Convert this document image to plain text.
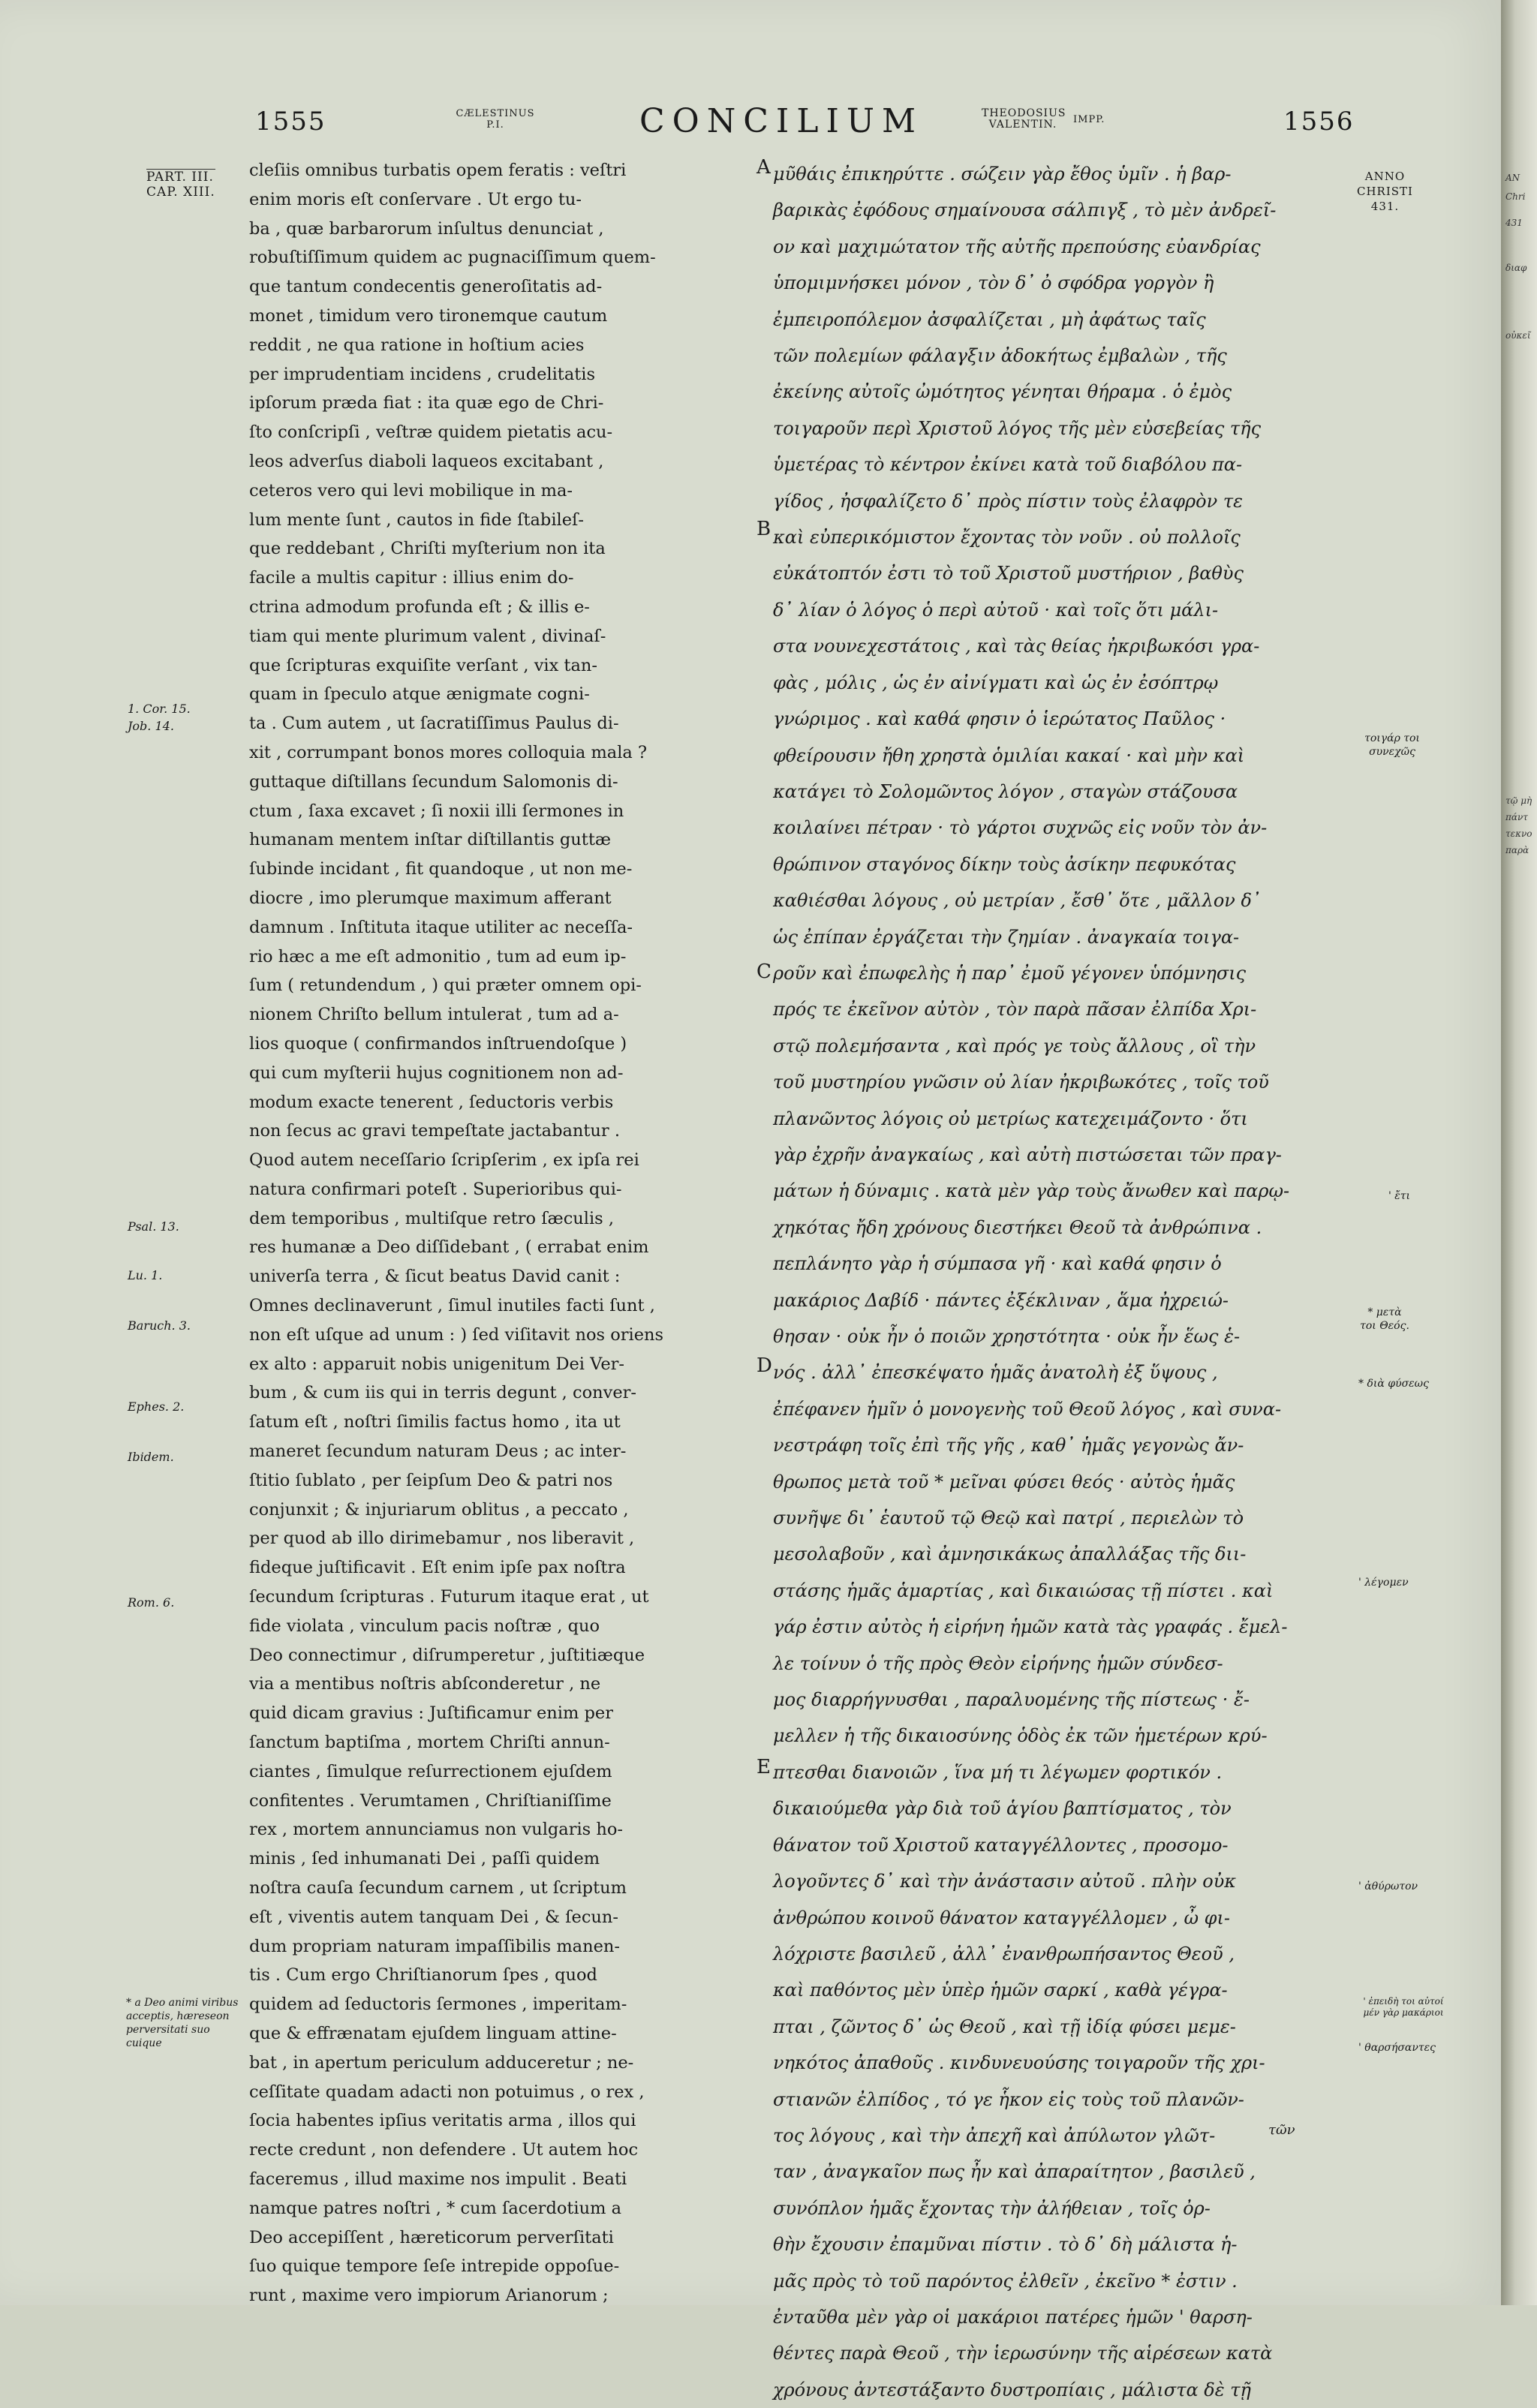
1555	CÆLESTINUS
P.I.	CONCILIUM	THEODOSIUS
VALENTIN.	IMPP.	1556
PART. III.
CAP. XIII.
1. Cor. 15.
Job. 14.
Psal. 13.
Lu. 1.
Baruch. 3.
Ephes. 2.
Ibidem.
Rom. 6.
* a Deo animi viribus acceptis, hæreseon perversitati suo cuique
ANNO
CHRISTI
431.
τοιγάρ τοι συνεχῶς
' ἔτι
* μετὰ τοι Θεός.
* διὰ φύσεως
' λέγομεν
' ἀθύρωτον
' ἐπειδὴ τοι αὐτοί μέν γὰρ μακάριοι
' θαρσήσαντες
A
B
C
D
E
cleſiis omnibus turbatis opem feratis : veſtri
enim moris eſt conſervare . Ut ergo tu-
ba , quæ barbarorum inſultus denunciat ,
robuſtiſſimum quidem ac pugnaciſſimum quem-
que tantum condecentis generoſitatis ad-
monet , timidum vero tironemque cautum
reddit , ne qua ratione in hoſtium acies
per imprudentiam incidens , crudelitatis
ipſorum præda fiat : ita quæ ego de Chri-
ſto conſcripſi , veſtræ quidem pietatis acu-
leos adverſus diaboli laqueos excitabant ,
ceteros vero qui levi mobilique in ma-
lum mente ſunt , cautos in fide ſtabileſ-
que reddebant , Chriſti myſterium non ita
facile a multis capitur : illius enim do-
ctrina admodum profunda eſt ; & illis e-
tiam qui mente plurimum valent , divinaſ-
que ſcripturas exquiſite verſant , vix tan-
quam in ſpeculo atque ænigmate cogni-
ta . Cum autem , ut ſacratiſſimus Paulus di-
xit , corrumpant bonos mores colloquia mala ?
guttaque diſtillans ſecundum Salomonis di-
ctum , ſaxa excavet ; ſi noxii illi ſermones in
humanam mentem inſtar diſtillantis guttæ
ſubinde incidant , fit quandoque , ut non me-
diocre , imo plerumque maximum afferant
damnum . Inſtituta itaque utiliter ac neceſſa-
rio hæc a me eſt admonitio , tum ad eum ip-
ſum ( retundendum , ) qui præter omnem opi-
nionem Chriſto bellum intulerat , tum ad a-
lios quoque ( confirmandos inſtruendoſque )
qui cum myſterii hujus cognitionem non ad-
modum exacte tenerent , ſeductoris verbis
non ſecus ac gravi tempeſtate jactabantur .
Quod autem neceſſario ſcripſerim , ex ipſa rei
natura confirmari poteſt . Superioribus qui-
dem temporibus , multiſque retro ſæculis ,
res humanæ a Deo diſſidebant , ( errabat enim
univerſa terra , & ſicut beatus David canit :
Omnes declinaverunt , ſimul inutiles facti ſunt ,
non eſt uſque ad unum : ) ſed viſitavit nos oriens
ex alto : apparuit nobis unigenitum Dei Ver-
bum , & cum iis qui in terris degunt , conver-
ſatum eſt , noſtri ſimilis factus homo , ita ut
maneret ſecundum naturam Deus ; ac inter-
ſtitio ſublato , per ſeipſum Deo & patri nos
conjunxit ; & injuriarum oblitus , a peccato ,
per quod ab illo dirimebamur , nos liberavit ,
fideque juſtificavit . Eſt enim ipſe pax noſtra
ſecundum ſcripturas . Futurum itaque erat , ut
fide violata , vinculum pacis noſtræ , quo
Deo connectimur , diſrumperetur , juſtitiæque
via a mentibus noſtris abſconderetur , ne
quid dicam gravius : Juſtificamur enim per
ſanctum baptiſma , mortem Chriſti annun-
ciantes , ſimulque reſurrectionem ejuſdem
confitentes . Verumtamen , Chriſtianiſſime
rex , mortem annunciamus non vulgaris ho-
minis , ſed inhumanati Dei , paſſi quidem
noſtra cauſa ſecundum carnem , ut ſcriptum
eſt , viventis autem tanquam Dei , & ſecun-
dum propriam naturam impaſſibilis manen-
tis . Cum ergo Chriſtianorum ſpes , quod
quidem ad ſeductoris ſermones , imperitam-
que & effrænatam ejuſdem linguam attine-
bat , in apertum periculum adduceretur ; ne-
ceſſitate quadam adacti non potuimus , o rex ,
ſocia habentes ipſius veritatis arma , illos qui
recte credunt , non defendere . Ut autem hoc
faceremus , illud maxime nos impulit . Beati
namque patres noſtri , * cum ſacerdotium a
Deo accepiſſent , hæreticorum perverſitati
ſuo quique tempore ſeſe intrepide oppoſue-
runt , maxime vero impiorum Arianorum ;
μῦθάις ἐπικηρύττε . σώζειν γὰρ ἔθος ὑμῖν . ἡ βαρ-
βαρικὰς ἐφόδους σημαίνουσα σάλπιγξ , τὸ μὲν ἀνδρεῖ-
ον καὶ μαχιμώτατον τῆς αὐτῆς πρεπούσης εὐανδρίας
ὑπομιμνήσκει μόνον , τὸν δ᾽ ὀ σφόδρα γοργὸν ἢ
ἐμπειροπόλεμον ἀσφαλίζεται , μὴ ἀφάτως ταῖς
τῶν πολεμίων φάλαγξιν ἀδοκήτως ἐμβαλὼν , τῆς
ἐκείνης αὐτοῖς ὠμότητος γένηται θήραμα . ὁ ἐμὸς
τοιγαροῦν περὶ Χριστοῦ λόγος τῆς μὲν εὐσεβείας τῆς
ὑμετέρας τὸ κέντρον ἐκίνει κατὰ τοῦ διαβόλου πα-
γίδος , ἠσφαλίζετο δ᾽ πρὸς πίστιν τοὺς ἐλαφρὸν τε
καὶ εὐπερικόμιστον ἔχοντας τὸν νοῦν . οὐ πολλοῖς
εὐκάτοπτόν ἐστι τὸ τοῦ Χριστοῦ μυστήριον , βαθὺς
δ᾽ λίαν ὁ λόγος ὁ περὶ αὐτοῦ · καὶ τοῖς ὅτι μάλι-
στα νουνεχεστάτοις , καὶ τὰς θείας ἠκριβωκόσι γρα-
φὰς , μόλις , ὡς ἐν αἰνίγματι καὶ ὡς ἐν ἐσόπτρῳ
γνώριμος . καὶ καθά φησιν ὁ ἱερώτατος Παῦλος ·
φθείρουσιν ἤθη χρηστὰ ὁμιλίαι κακαί · καὶ μὴν καὶ
κατάγει τὸ Σολομῶντος λόγον , σταγὼν στάζουσα
κοιλαίνει πέτραν · τὸ γάρτοι συχνῶς εἰς νοῦν τὸν ἀν-
θρώπινον σταγόνος δίκην τοὺς ἀσίκην πεφυκότας
καθιέσθαι λόγους , οὐ μετρίαν , ἔσθ᾽ ὅτε , μᾶλλον δ᾽
ὡς ἐπίπαν ἐργάζεται τὴν ζημίαν . ἀναγκαία τοιγα-
ροῦν καὶ ἐπωφελὴς ἡ παρ᾽ ἐμοῦ γέγονεν ὑπόμνησις
πρός τε ἐκεῖνον αὐτὸν , τὸν παρὰ πᾶσαν ἐλπίδα Χρι-
στῷ πολεμήσαντα , καὶ πρός γε τοὺς ἄλλους , οἳ τὴν
τοῦ μυστηρίου γνῶσιν οὐ λίαν ἠκριβωκότες , τοῖς τοῦ
πλανῶντος λόγοις οὐ μετρίως κατεχειμάζοντο · ὅτι
γὰρ ἐχρῆν ἀναγκαίως , καὶ αὐτὴ πιστώσεται τῶν πραγ-
μάτων ἡ δύναμις . κατὰ μὲν γὰρ τοὺς ἄνωθεν καὶ παρῳ-
χηκότας ἤδη χρόνους διεστήκει Θεοῦ τὰ ἀνθρώπινα .
πεπλάνητο γὰρ ἡ σύμπασα γῆ · καὶ καθά φησιν ὁ
μακάριος Δαβίδ · πάντες ἐξέκλιναν , ἅμα ἠχρειώ-
θησαν · οὐκ ἦν ὁ ποιῶν χρηστότητα · οὐκ ἦν ἕως ἑ-
νός . ἀλλ᾽ ἐπεσκέψατο ἡμᾶς ἀνατολὴ ἐξ ὕψους ,
ἐπέφανεν ἡμῖν ὁ μονογενὴς τοῦ Θεοῦ λόγος , καὶ συνα-
νεστράφη τοῖς ἐπὶ τῆς γῆς , καθ᾽ ἡμᾶς γεγονὼς ἄν-
θρωπος μετὰ τοῦ * μεῖναι φύσει θεός · αὐτὸς ἡμᾶς
συνῆψε δι᾽ ἑαυτοῦ τῷ Θεῷ καὶ πατρί , περιελὼν τὸ
μεσολαβοῦν , καὶ ἀμνησικάκως ἀπαλλάξας τῆς διι-
στάσης ἡμᾶς ἁμαρτίας , καὶ δικαιώσας τῇ πίστει . καὶ
γάρ ἐστιν αὐτὸς ἡ εἰρήνη ἡμῶν κατὰ τὰς γραφάς . ἔμελ-
λε τοίνυν ὁ τῆς πρὸς Θεὸν εἰρήνης ἡμῶν σύνδεσ-
μος διαρρήγνυσθαι , παραλυομένης τῆς πίστεως · ἔ-
μελλεν ἡ τῆς δικαιοσύνης ὁδὸς ἐκ τῶν ἡμετέρων κρύ-
πτεσθαι διανοιῶν , ἵνα μή τι λέγωμεν φορτικόν .
δικαιούμεθα γὰρ διὰ τοῦ ἁγίου βαπτίσματος , τὸν
θάνατον τοῦ Χριστοῦ καταγγέλλοντες , προσομο-
λογοῦντες δ᾽ καὶ τὴν ἀνάστασιν αὐτοῦ . πλὴν οὐκ
ἀνθρώπου κοινοῦ θάνατον καταγγέλλομεν , ὦ φι-
λόχριστε βασιλεῦ , ἀλλ᾽ ἐνανθρωπήσαντος Θεοῦ ,
καὶ παθόντος μὲν ὑπὲρ ἡμῶν σαρκί , καθὰ γέγρα-
πται , ζῶντος δ᾽ ὡς Θεοῦ , καὶ τῇ ἰδίᾳ φύσει μεμε-
νηκότος ἀπαθοῦς . κινδυνευούσης τοιγαροῦν τῆς χρι-
στιανῶν ἐλπίδος , τό γε ἧκον εἰς τοὺς τοῦ πλανῶν-
τος λόγους , καὶ τὴν ἀπεχῆ καὶ ἀπύλωτον γλῶτ-
ταν , ἀναγκαῖον πως ἦν καὶ ἀπαραίτητον , βασιλεῦ ,
συνόπλον ἡμᾶς ἔχοντας τὴν ἀλήθειαν , τοῖς ὀρ-
θὴν ἔχουσιν ἐπαμῦναι πίστιν . τὸ δ᾽ δὴ μάλιστα ἡ-
μᾶς πρὸς τὸ τοῦ παρόντος ἐλθεῖν , ἐκεῖνο * ἐστιν .
ἐνταῦθα μὲν γὰρ οἱ μακάριοι πατέρες ἡμῶν ' θαρση-
θέντες παρὰ Θεοῦ , τὴν ἱερωσύνην τῆς αἱρέσεων κατὰ
χρόνους ἀντεστάξαντο δυστροπίαις , μάλιστα δὲ τῇ
τῶν
ΑΝ
Chri
431
διαφ
οὐκεῖ
τῷ μὴ
πάντ
τεκνο
παρὰ
